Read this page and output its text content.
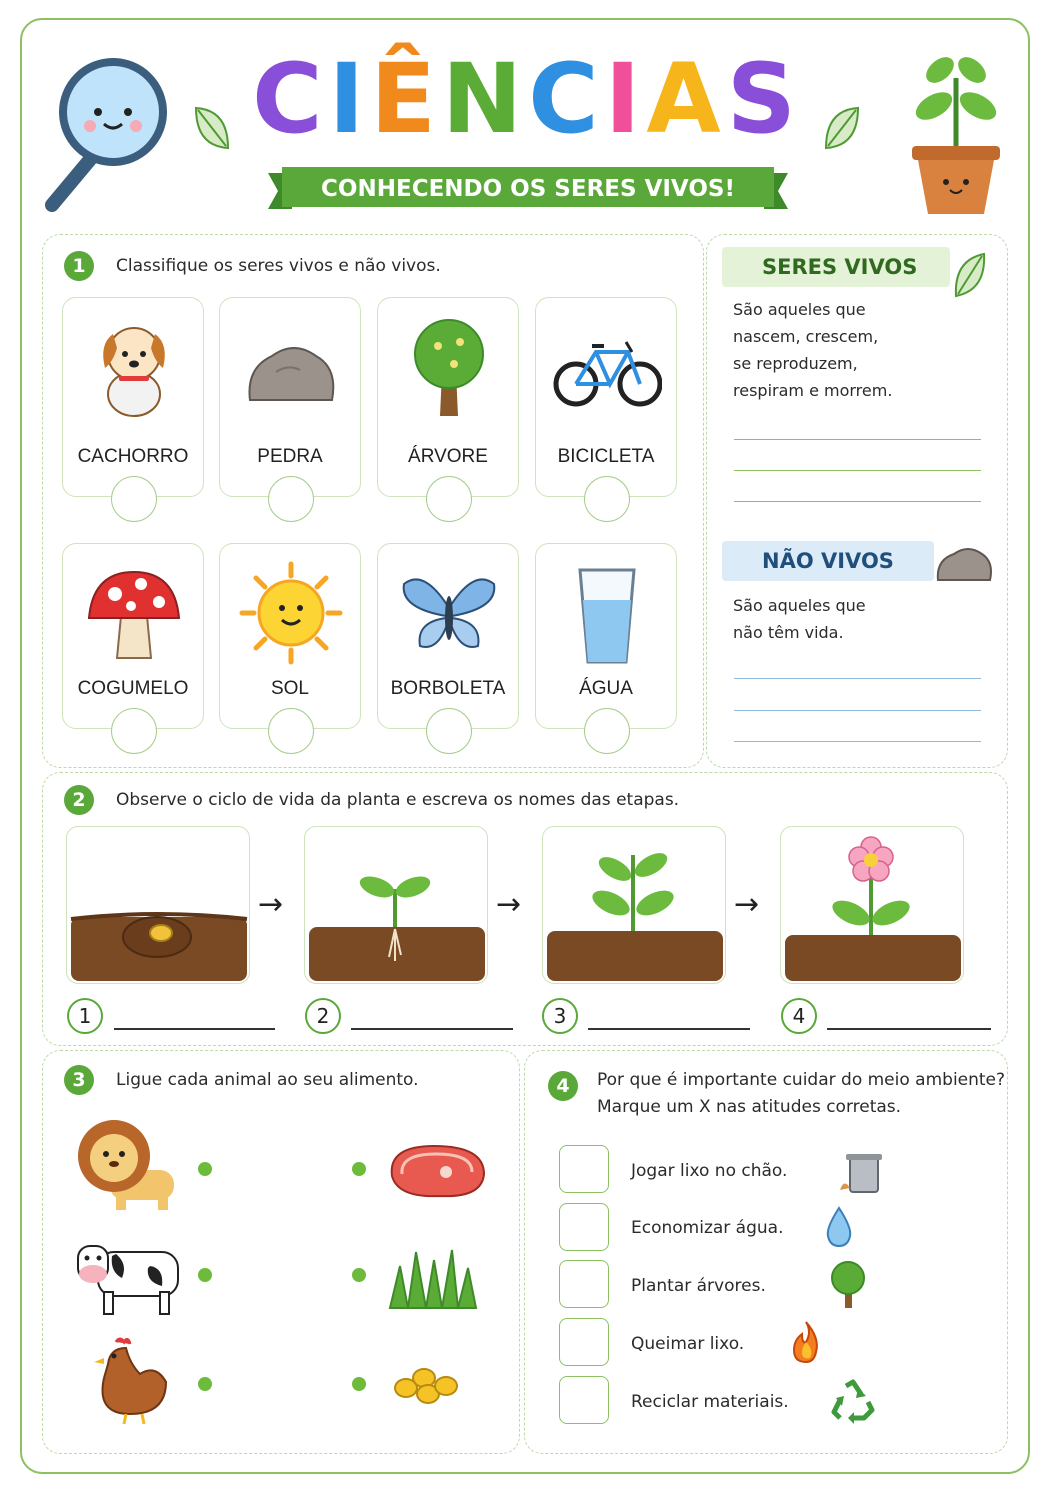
CIÊNCIAS
CONHECENDO OS SERES VIVOS!
1	Classifique os seres vivos e não vivos.
CACHORRO	PEDRA	ÁRVORE	BICICLETA
COGUMELO	SOL	BORBOLETA	ÁGUA
SERES VIVOS
São aqueles que
nascem, crescem,
se reproduzem,
respiram e morrem.
NÃO VIVOS
São aqueles que
não têm vida.
2	Observe o ciclo de vida da planta e escreva os nomes das etapas.
→	→	→
1	2	3	4
3	Ligue cada animal ao seu alimento.	4	Por que é importante cuidar do meio ambiente?
Marque um X nas atitudes corretas.
Jogar lixo no chão.
Economizar água.
Plantar árvores.
Queimar lixo.
Reciclar materiais.
